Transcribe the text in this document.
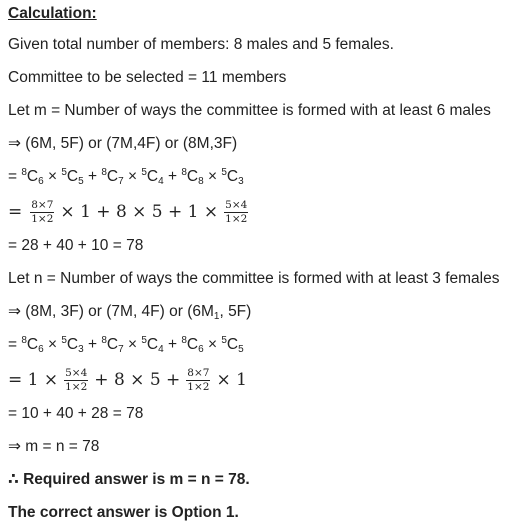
Calculation:
Given total number of members: 8 males and 5 females.
Committee to be selected = 11 members
Let m = Number of ways the committee is formed with at least 6 males
⇒ (6M, 5F) or (7M,4F) or (8M,3F)
= $^8C_6 \times ^5C_5 + ^8C_7 \times ^5C_4 + ^8C_8 \times ^5C_3$
= $\frac{8\times 7}{1\times 2} \times 1 + 8 \times 5 + 1 \times \frac{5\times 4}{1\times 2}$
= 28 + 40 + 10 = 78
Let n = Number of ways the committee is formed with at least 3 females
⇒ (8M, 3F) or (7M, 4F) or ($6M_1$, 5F)
= $^8C_6 \times ^5C_3 + ^8C_7 \times ^5C_4 + ^8C_6 \times ^5C_5$
= $1 \times \frac{5\times 4}{1\times 2} + 8 \times 5 + \frac{8\times 7}{1\times 2} \times 1$
= 10 + 40 + 28 = 78
⇒ m = n = 78
∴ Required answer is m = n = 78.
The correct answer is Option 1.
